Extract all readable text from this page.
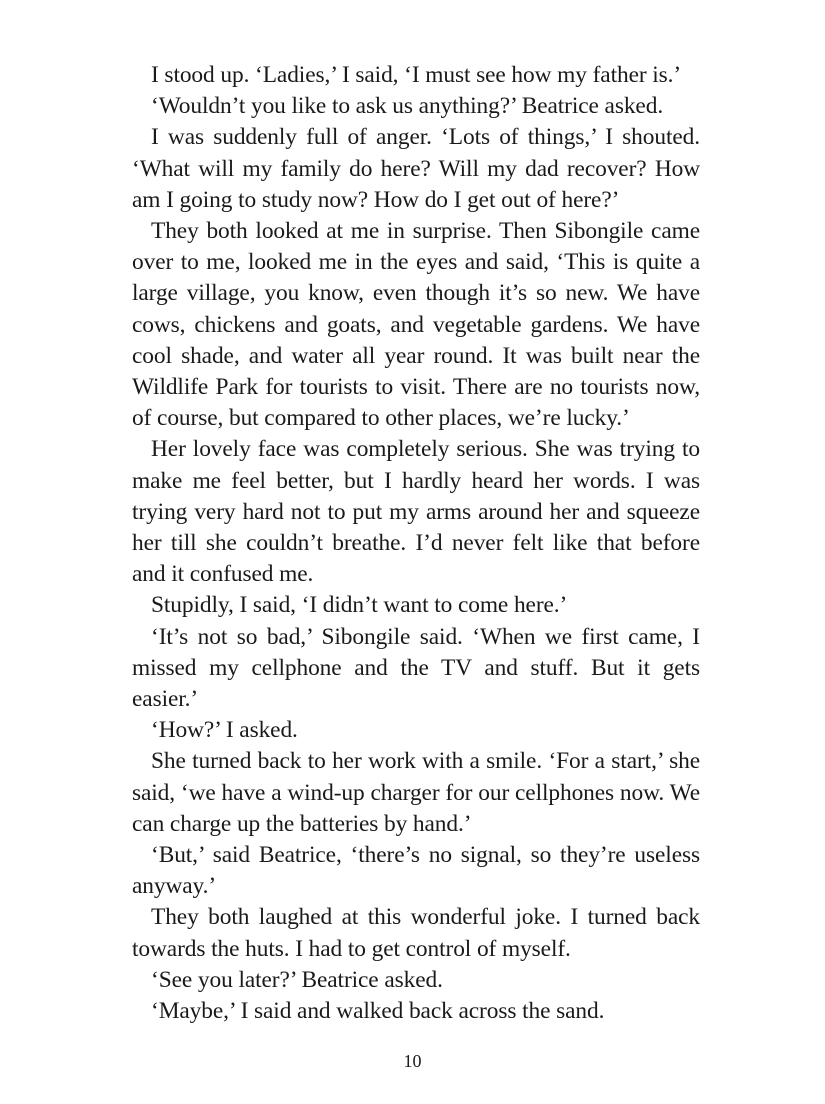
I stood up. ‘Ladies,’ I said, ‘I must see how my father is.’

‘Wouldn’t you like to ask us anything?’ Beatrice asked.

I was suddenly full of anger. ‘Lots of things,’ I shouted. ‘What will my family do here? Will my dad recover? How am I going to study now? How do I get out of here?’

They both looked at me in surprise. Then Sibongile came over to me, looked me in the eyes and said, ‘This is quite a large village, you know, even though it’s so new. We have cows, chickens and goats, and vegetable gardens. We have cool shade, and water all year round. It was built near the Wildlife Park for tourists to visit. There are no tourists now, of course, but compared to other places, we’re lucky.’

Her lovely face was completely serious. She was trying to make me feel better, but I hardly heard her words. I was trying very hard not to put my arms around her and squeeze her till she couldn’t breathe. I’d never felt like that before and it confused me.

Stupidly, I said, ‘I didn’t want to come here.’

‘It’s not so bad,’ Sibongile said. ‘When we first came, I missed my cellphone and the TV and stuff. But it gets easier.’

‘How?’ I asked.

She turned back to her work with a smile. ‘For a start,’ she said, ‘we have a wind-up charger for our cellphones now. We can charge up the batteries by hand.’

‘But,’ said Beatrice, ‘there’s no signal, so they’re useless anyway.’

They both laughed at this wonderful joke. I turned back towards the huts. I had to get control of myself.

‘See you later?’ Beatrice asked.

‘Maybe,’ I said and walked back across the sand.

10
